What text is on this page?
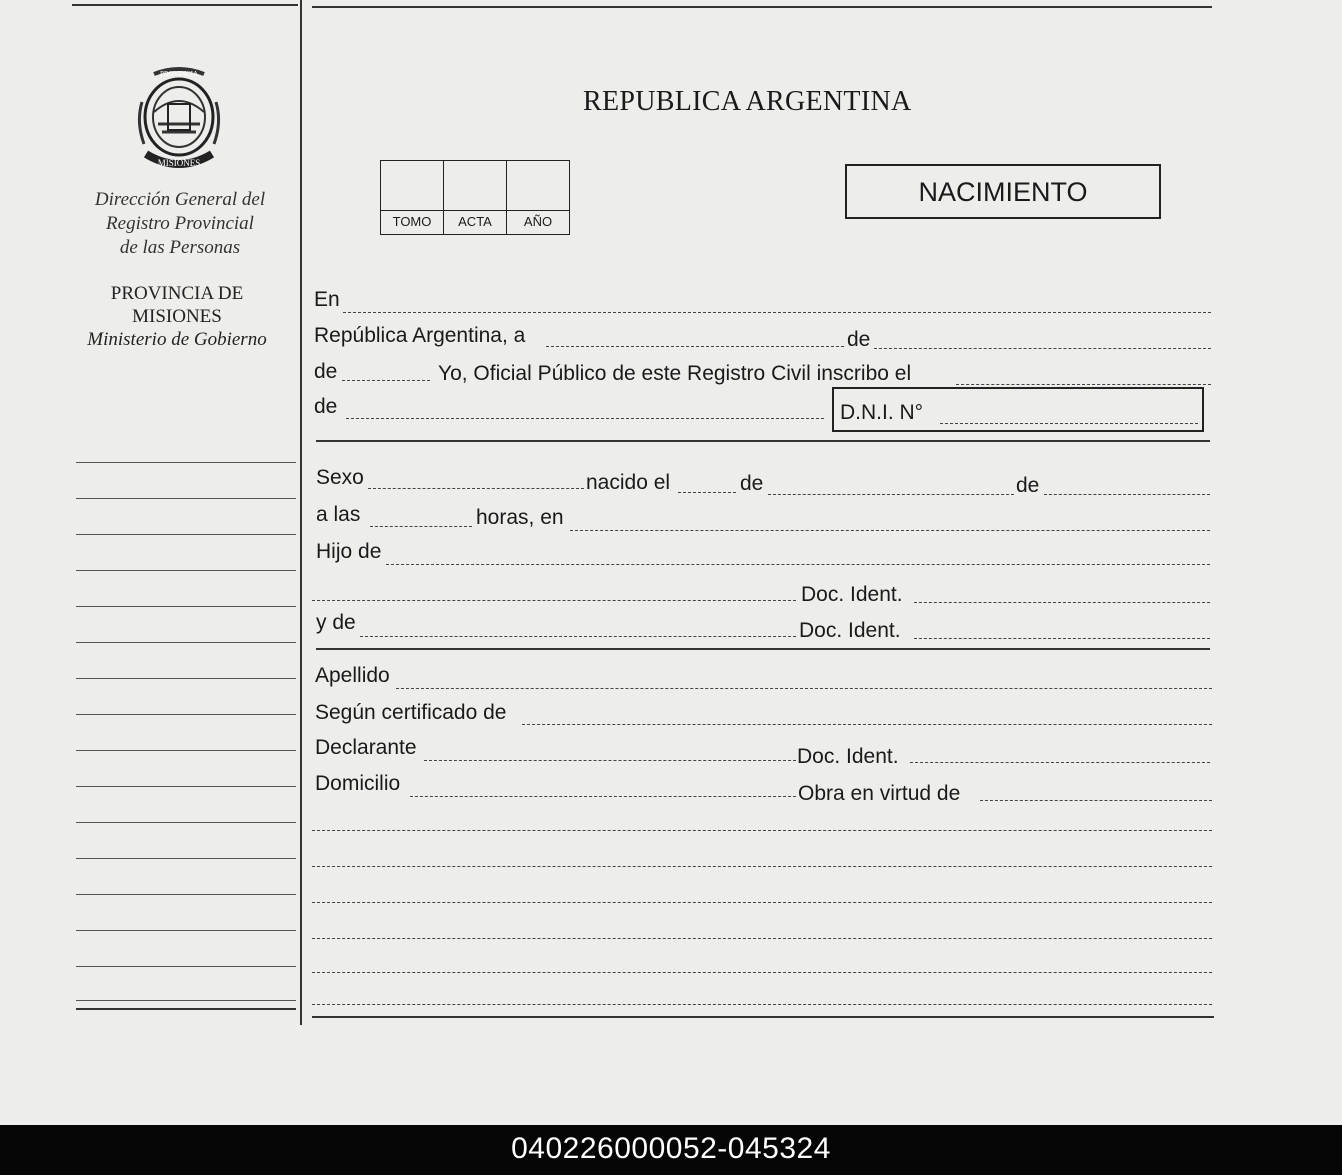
PROVINCIA
MISIONES
Dirección General del
Registro Provincial
de las Personas
PROVINCIA DE
MISIONES
Ministerio de Gobierno
REPUBLICA ARGENTINA
TOMO	ACTA	AÑO
NACIMIENTO
En
República Argentina, a	de
de	Yo, Oficial Público de este Registro Civil inscribo el
de	D.N.I. N°
Sexo	nacido el	de	de
a las	horas, en
Hijo de
Doc. Ident.
y de	Doc. Ident.
Apellido
Según certificado de
Declarante	Doc. Ident.
Domicilio	Obra en virtud de
040226000052-045324
